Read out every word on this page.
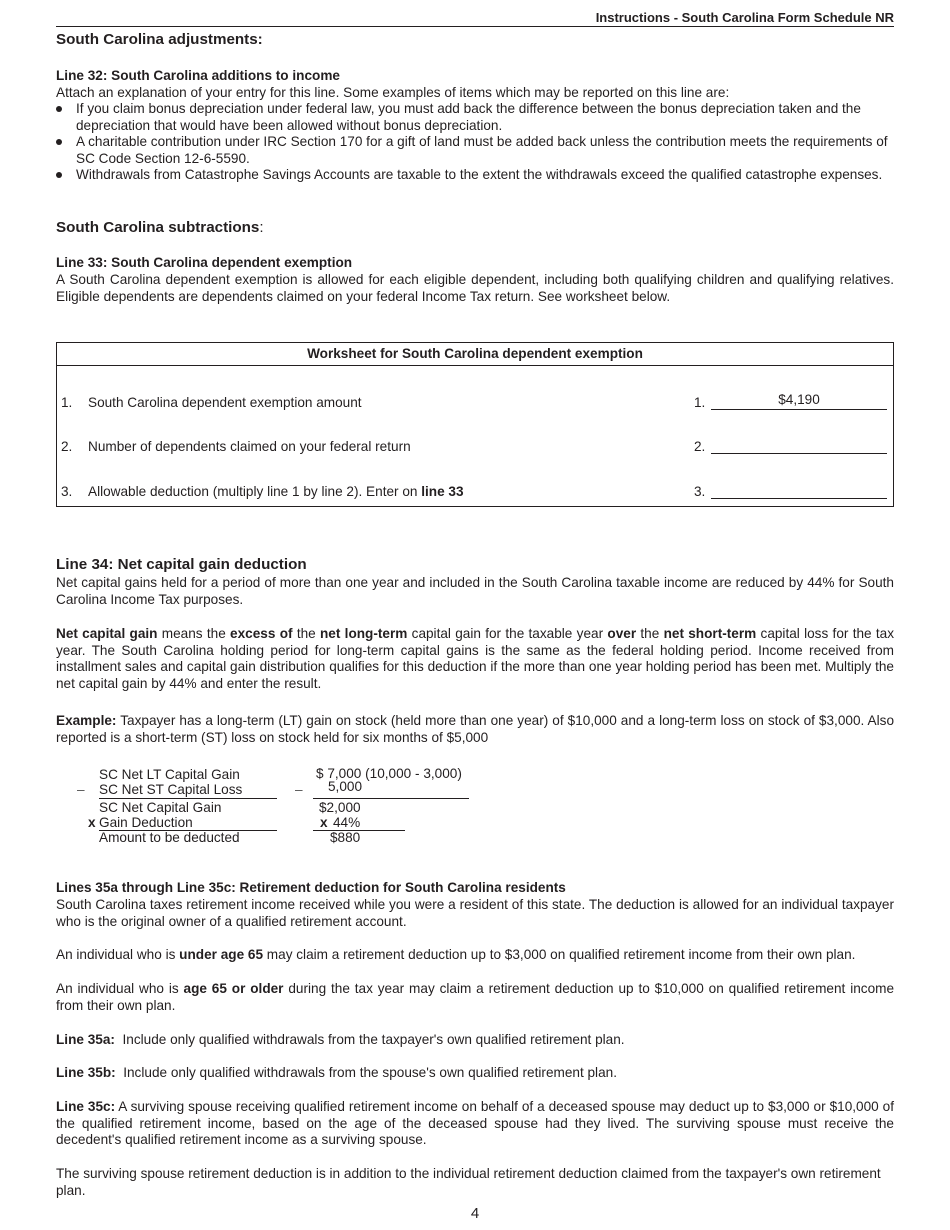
Instructions - South Carolina Form Schedule NR
South Carolina adjustments:
Line 32: South Carolina additions to income
Attach an explanation of your entry for this line. Some examples of items which may be reported on this line are:
If you claim bonus depreciation under federal law, you must add back the difference between the bonus depreciation taken and the depreciation that would have been allowed without bonus depreciation.
A charitable contribution under IRC Section 170 for a gift of land must be added back unless the contribution meets the requirements of SC Code Section 12-6-5590.
Withdrawals from Catastrophe Savings Accounts are taxable to the extent the withdrawals exceed the qualified catastrophe expenses.
South Carolina subtractions:
Line 33: South Carolina dependent exemption
A South Carolina dependent exemption is allowed for each eligible dependent, including both qualifying children and qualifying relatives. Eligible dependents are dependents claimed on your federal Income Tax return. See worksheet below.
Worksheet for South Carolina dependent exemption
1. South Carolina dependent exemption amount	1.	$4,190
2. Number of dependents claimed on your federal return	2.
3. Allowable deduction (multiply line 1 by line 2). Enter on line 33	3.
Line 34: Net capital gain deduction
Net capital gains held for a period of more than one year and included in the South Carolina taxable income are reduced by 44% for South Carolina Income Tax purposes.
Net capital gain means the excess of the net long-term capital gain for the taxable year over the net short-term capital loss for the tax year. The South Carolina holding period for long-term capital gains is the same as the federal holding period. Income received from installment sales and capital gain distribution qualifies for this deduction if the more than one year holding period has been met. Multiply the net capital gain by 44% and enter the result.
Example: Taxpayer has a long-term (LT) gain on stock (held more than one year) of $10,000 and a long-term loss on stock of $3,000. Also reported is a short-term (ST) loss on stock held for six months of $5,000
SC Net LT Capital Gain	$ 7,000 (10,000 - 3,000)
– SC Net ST Capital Loss	– 5,000
SC Net Capital Gain	$2,000
x Gain Deduction	x 44%
Amount to be deducted	$880
Lines 35a through Line 35c: Retirement deduction for South Carolina residents
South Carolina taxes retirement income received while you were a resident of this state. The deduction is allowed for an individual taxpayer who is the original owner of a qualified retirement account.
An individual who is under age 65 may claim a retirement deduction up to $3,000 on qualified retirement income from their own plan.
An individual who is age 65 or older during the tax year may claim a retirement deduction up to $10,000 on qualified retirement income from their own plan.
Line 35a:  Include only qualified withdrawals from the taxpayer's own qualified retirement plan.
Line 35b:  Include only qualified withdrawals from the spouse's own qualified retirement plan.
Line 35c: A surviving spouse receiving qualified retirement income on behalf of a deceased spouse may deduct up to $3,000 or $10,000 of the qualified retirement income, based on the age of the deceased spouse had they lived. The surviving spouse must receive the decedent's qualified retirement income as a surviving spouse.
The surviving spouse retirement deduction is in addition to the individual retirement deduction claimed from the taxpayer's own retirement plan.
4
